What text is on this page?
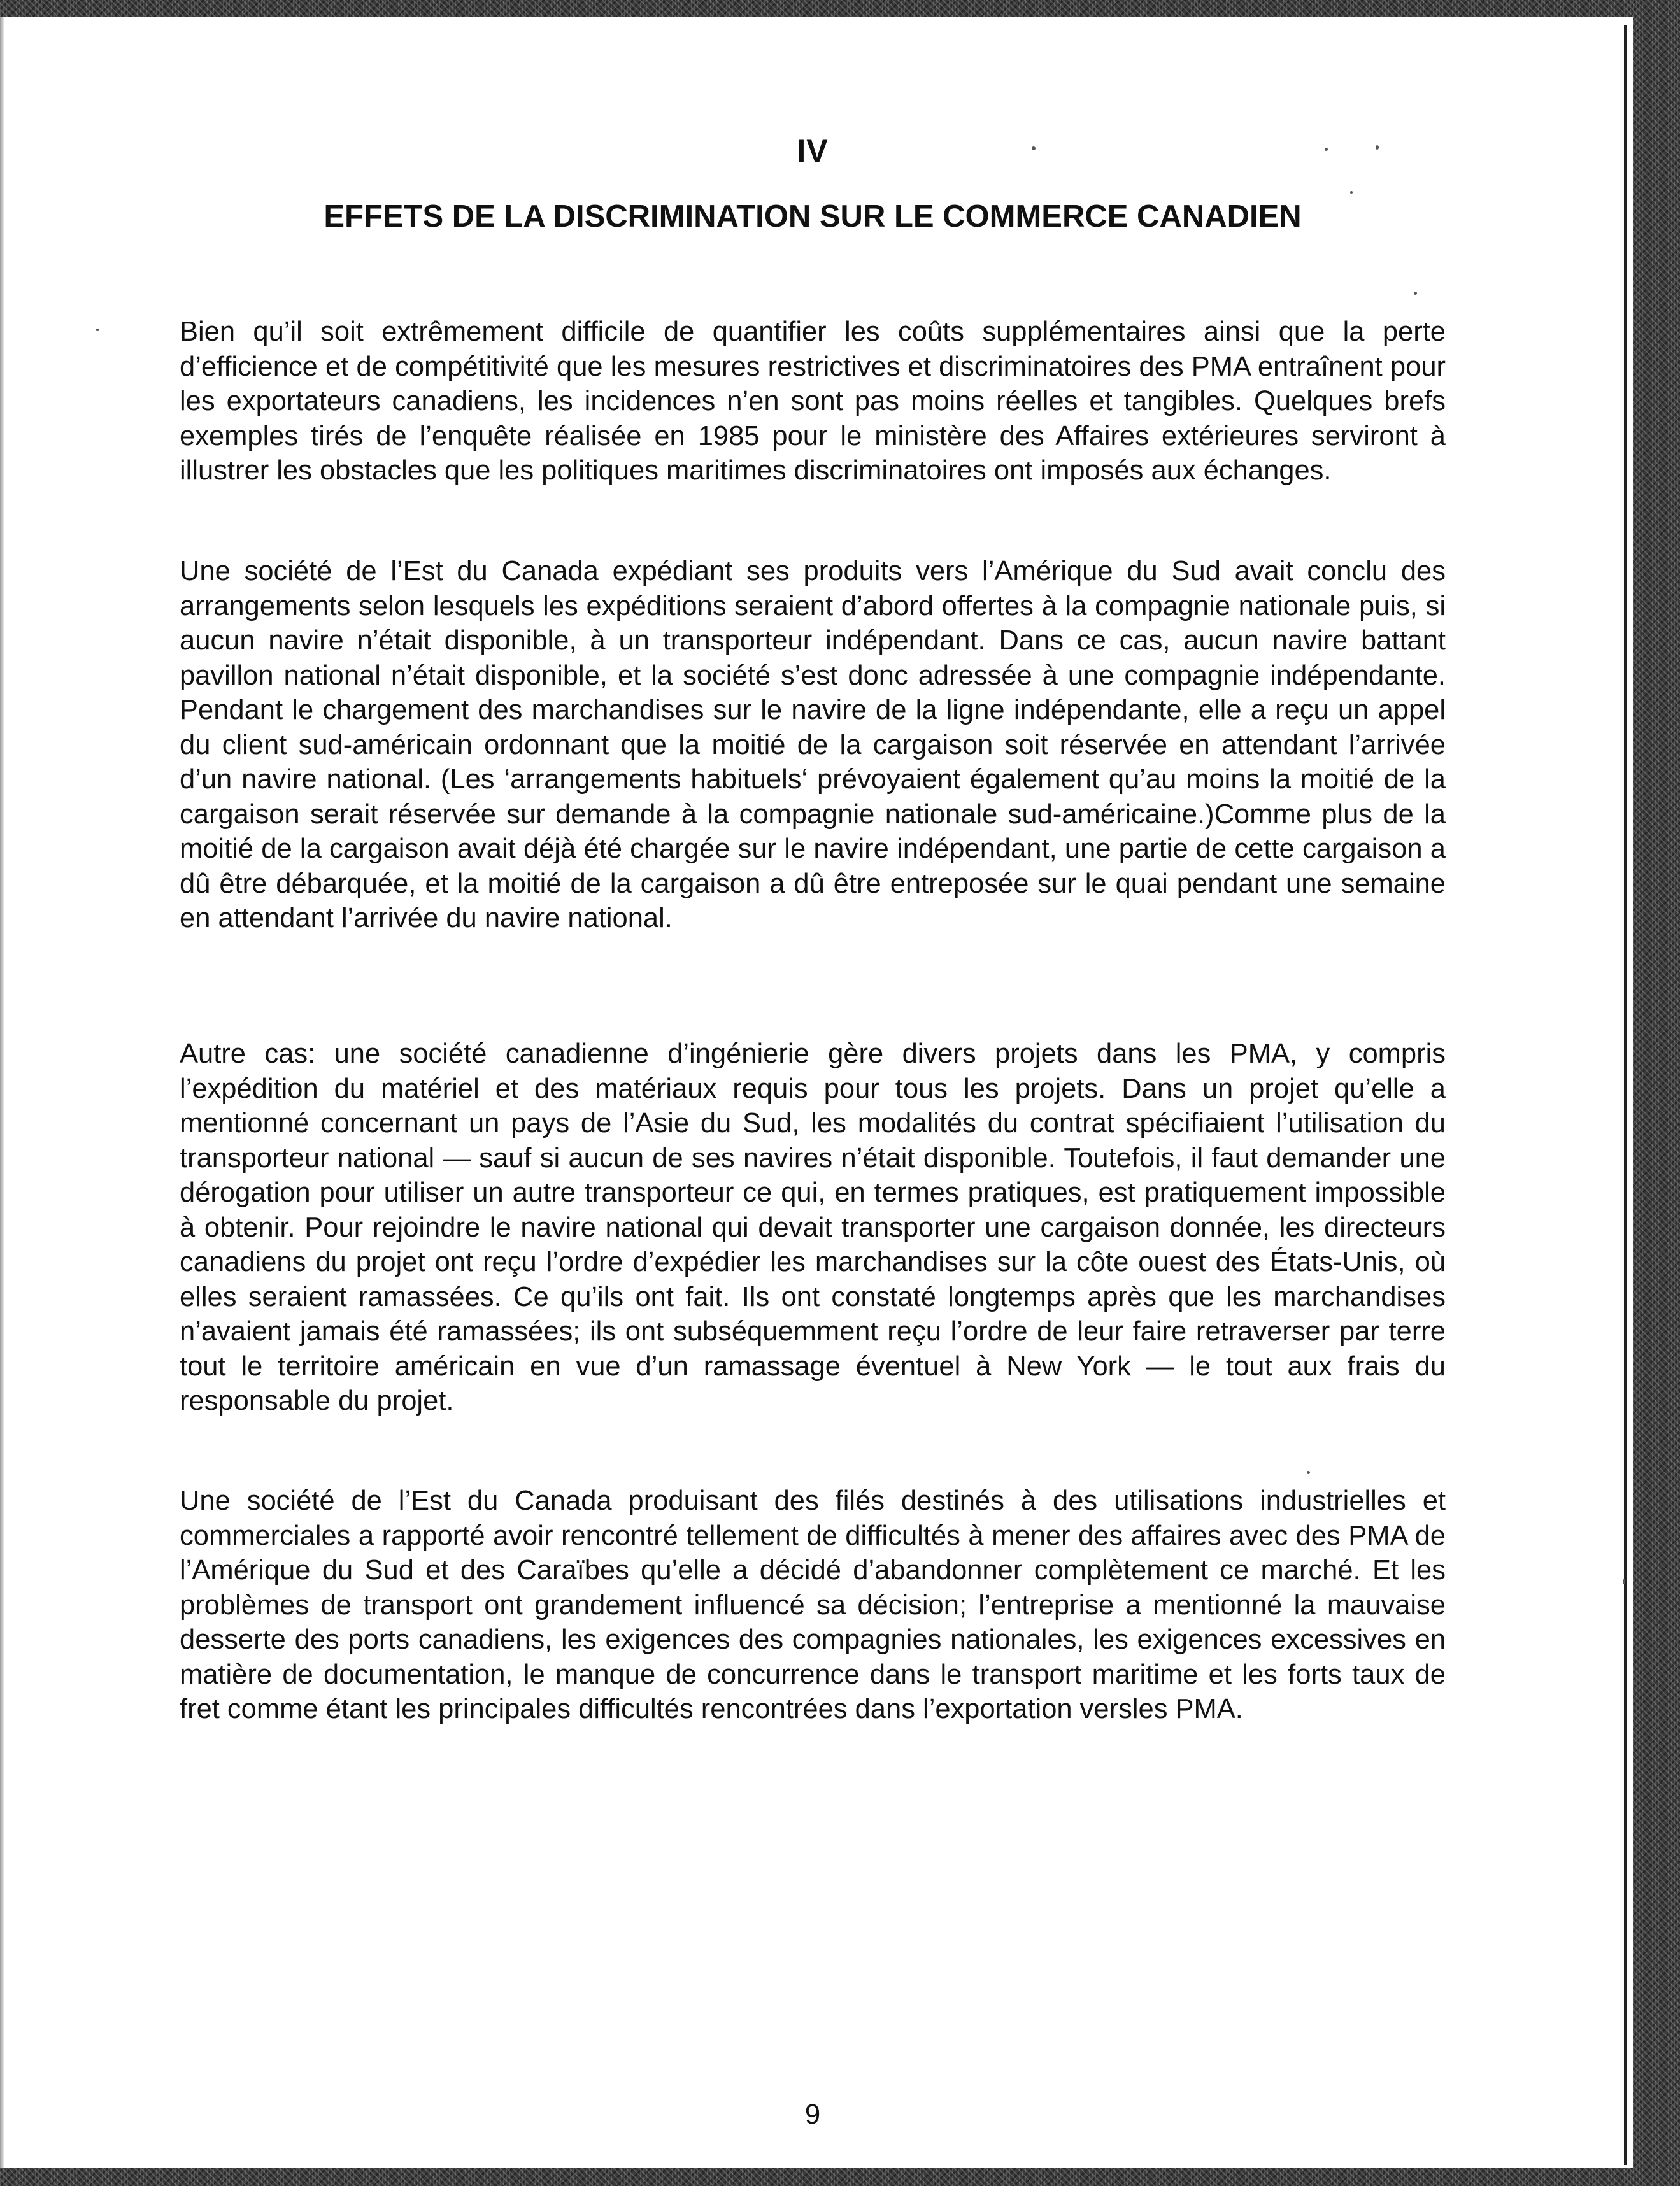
IV
EFFETS DE LA DISCRIMINATION SUR LE COMMERCE CANADIEN

Bien qu’il soit extrêmement difficile de quantifier les coûts supplémentaires ainsi que la perte d’efficience et de compétitivité que les mesures restrictives et discriminatoires des PMA entraînent pour les exportateurs canadiens, les incidences n’en sont pas moins réelles et tangibles. Quelques brefs exemples tirés de l’enquête réalisée en 1985 pour le ministère des Affaires extérieures serviront à illustrer les obstacles que les politiques maritimes discriminatoires ont imposés aux échanges.

Une société de l’Est du Canada expédiant ses produits vers l’Amérique du Sud avait conclu des arrangements selon lesquels les expéditions seraient d’abord offertes à la compagnie nationale puis, si aucun navire n’était disponible, à un transporteur indépendant. Dans ce cas, aucun navire battant pavillon national n’était disponible, et la société s’est donc adressée à une compagnie indépendante. Pendant le chargement des marchandises sur le navire de la ligne indépendante, elle a reçu un appel du client sud-américain ordonnant que la moitié de la cargaison soit réservée en attendant l’arrivée d’un navire national. (Les ‘arrangements habituels‘ prévoyaient également qu’au moins la moitié de la cargaison serait réservée sur demande à la compagnie nationale sud-américaine.)Comme plus de la moitié de la cargaison avait déjà été chargée sur le navire indépendant, une partie de cette cargaison a dû être débarquée, et la moitié de la cargaison a dû être entreposée sur le quai pendant une semaine en attendant l’arrivée du navire national.

Autre cas: une société canadienne d’ingénierie gère divers projets dans les PMA, y compris l’expédition du matériel et des matériaux requis pour tous les projets. Dans un projet qu’elle a mentionné concernant un pays de l’Asie du Sud, les modalités du contrat spécifiaient l’utilisation du transporteur national — sauf si aucun de ses navires n’était disponible. Toutefois, il faut demander une dérogation pour utiliser un autre transporteur ce qui, en termes pratiques, est pratiquement impossible à obtenir. Pour rejoindre le navire national qui devait transporter une cargaison donnée, les directeurs canadiens du projet ont reçu l’ordre d’expédier les marchandises sur la côte ouest des États-Unis, où elles seraient ramassées. Ce qu’ils ont fait. Ils ont constaté longtemps après que les marchandises n’avaient jamais été ramassées; ils ont subséquemment reçu l’ordre de leur faire retraverser par terre tout le territoire américain en vue d’un ramassage éventuel à New York — le tout aux frais du responsable du projet.

Une société de l’Est du Canada produisant des filés destinés à des utilisations industrielles et commerciales a rapporté avoir rencontré tellement de difficultés à mener des affaires avec des PMA de l’Amérique du Sud et des Caraïbes qu’elle a décidé d’abandonner complètement ce marché. Et les problèmes de transport ont grandement influencé sa décision; l’entreprise a mentionné la mauvaise desserte des ports canadiens, les exigences des compagnies nationales, les exigences excessives en matière de documentation, le manque de concurrence dans le transport maritime et les forts taux de fret comme étant les principales difficultés rencontrées dans l’exportation versles PMA.

9
